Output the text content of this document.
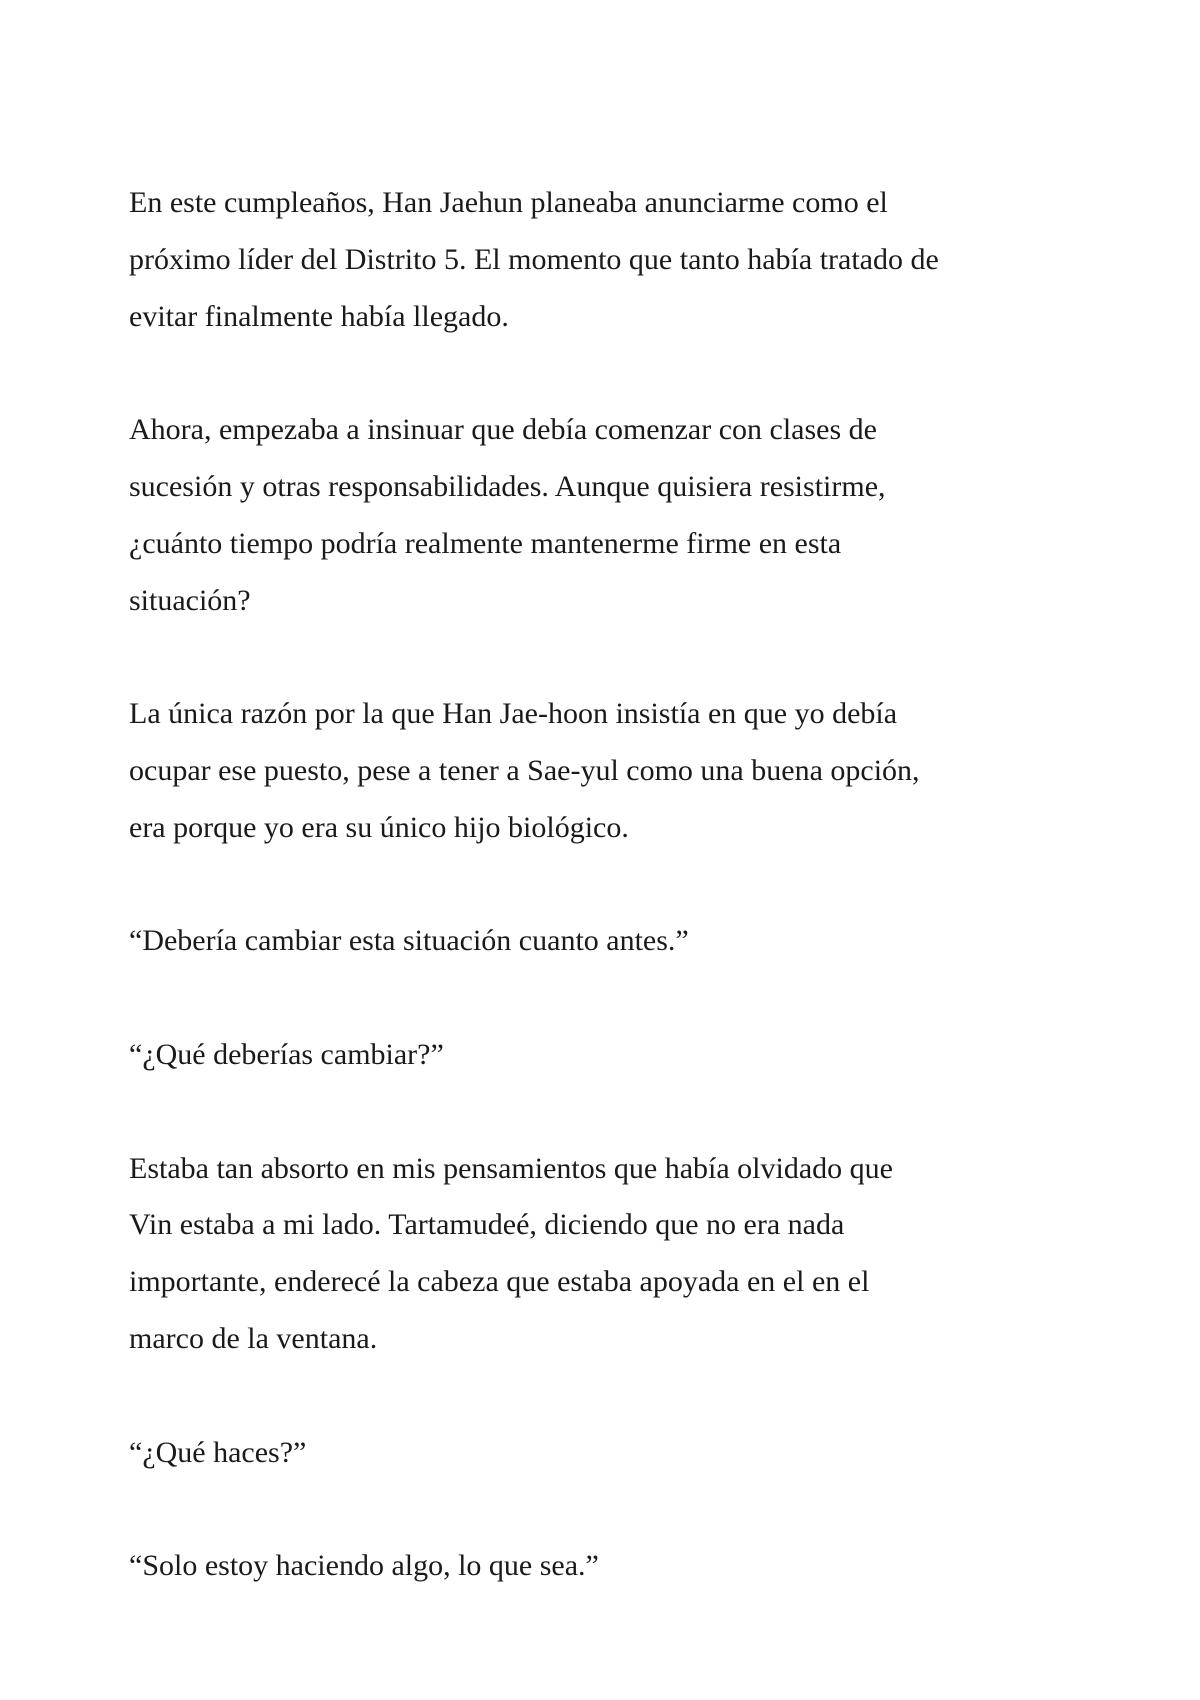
En este cumpleaños, Han Jaehun planeaba anunciarme como el
próximo líder del Distrito 5. El momento que tanto había tratado de
evitar finalmente había llegado.
Ahora, empezaba a insinuar que debía comenzar con clases de
sucesión y otras responsabilidades. Aunque quisiera resistirme,
¿cuánto tiempo podría realmente mantenerme firme en esta
situación?
La única razón por la que Han Jae-hoon insistía en que yo debía
ocupar ese puesto, pese a tener a Sae-yul como una buena opción,
era porque yo era su único hijo biológico.
“Debería cambiar esta situación cuanto antes.”
“¿Qué deberías cambiar?”
Estaba tan absorto en mis pensamientos que había olvidado que
Vin estaba a mi lado. Tartamudeé, diciendo que no era nada
importante, enderecé la cabeza que estaba apoyada en el en el
marco de la ventana.
“¿Qué haces?”
“Solo estoy haciendo algo, lo que sea.”
